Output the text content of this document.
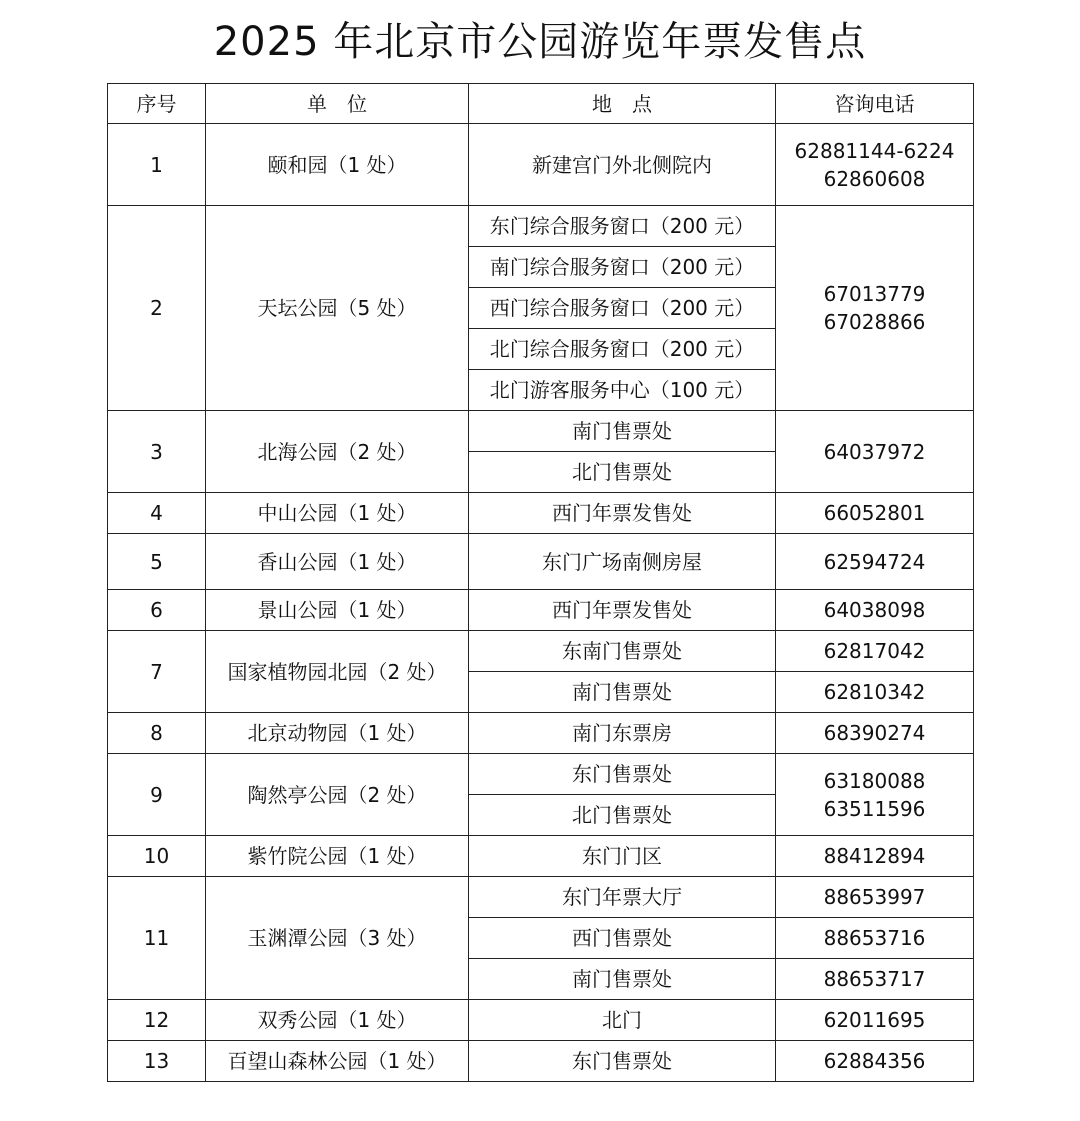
2025 年北京市公园游览年票发售点
序号	单　位	地　点	咨询电话
1	颐和园（1 处）	新建宫门外北侧院内	62881144-6224
62860608

2	天坛公园（5 处）	东门综合服务窗口（200 元）	67013779
67028866

		南门综合服务窗口（200 元）	
		西门综合服务窗口（200 元）	
		北门综合服务窗口（200 元）	
		北门游客服务中心（100 元）	
3	北海公园（2 处）	南门售票处	64037972
		北门售票处	
4	中山公园（1 处）	西门年票发售处	66052801
5	香山公园（1 处）	东门广场南侧房屋	62594724
6	景山公园（1 处）	西门年票发售处	64038098
7	国家植物园北园（2 处）	东南门售票处	62817042
		南门售票处	62810342
8	北京动物园（1 处）	南门东票房	68390274
9	陶然亭公园（2 处）	东门售票处	63180088
63511596

		北门售票处	
10	紫竹院公园（1 处）	东门门区	88412894
11	玉渊潭公园（3 处）	东门年票大厅	88653997
		西门售票处	88653716
		南门售票处	88653717
12	双秀公园（1 处）	北门	62011695
13	百望山森林公园（1 处）	东门售票处	62884356
